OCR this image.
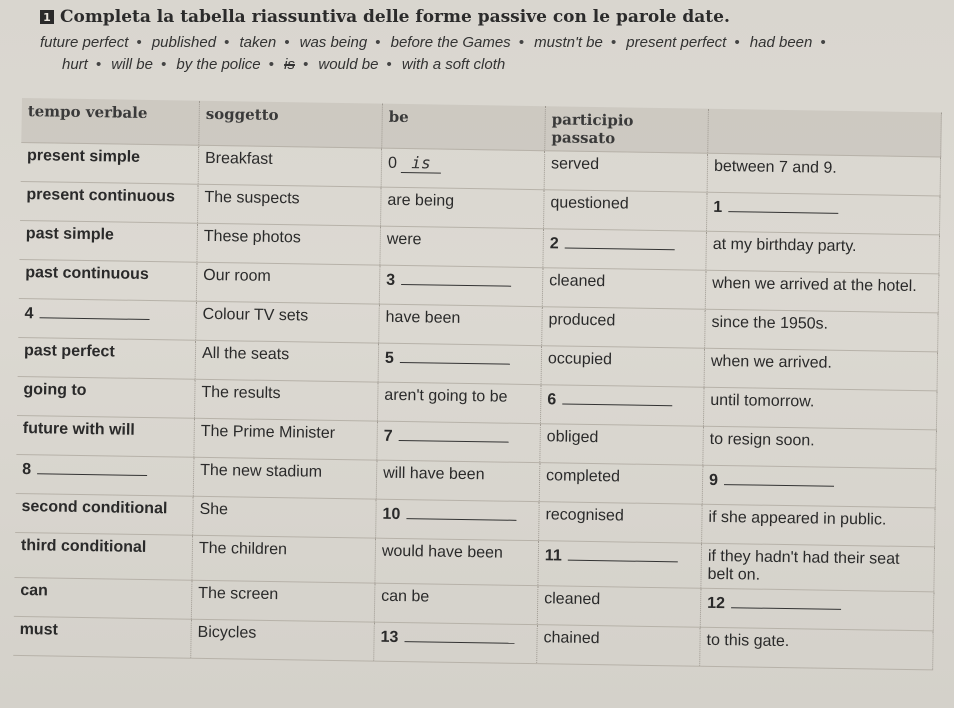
1 Completa la tabella riassuntiva delle forme passive con le parole date.
future perfect • published • taken • was being • before the Games • mustn't be • present perfect • had been •
hurt • will be • by the police • is • would be • with a soft cloth
tempo verbale	soggetto	be	participio passato	
present simple	Breakfast	0 is	served	between 7 and 9.
present continuous	The suspects	are being	questioned	1
past simple	These photos	were	2	at my birthday party.
past continuous	Our room	3	cleaned	when we arrived at the hotel.
4	Colour TV sets	have been	produced	since the 1950s.
past perfect	All the seats	5	occupied	when we arrived.
going to	The results	aren't going to be	6	until tomorrow.
future with will	The Prime Minister	7	obliged	to resign soon.
8	The new stadium	will have been	completed	9
second conditional	She	10	recognised	if she appeared in public.
third conditional	The children	would have been	11	if they hadn't had their seat belt on.
can	The screen	can be	cleaned	12
must	Bicycles	13	chained	to this gate.
